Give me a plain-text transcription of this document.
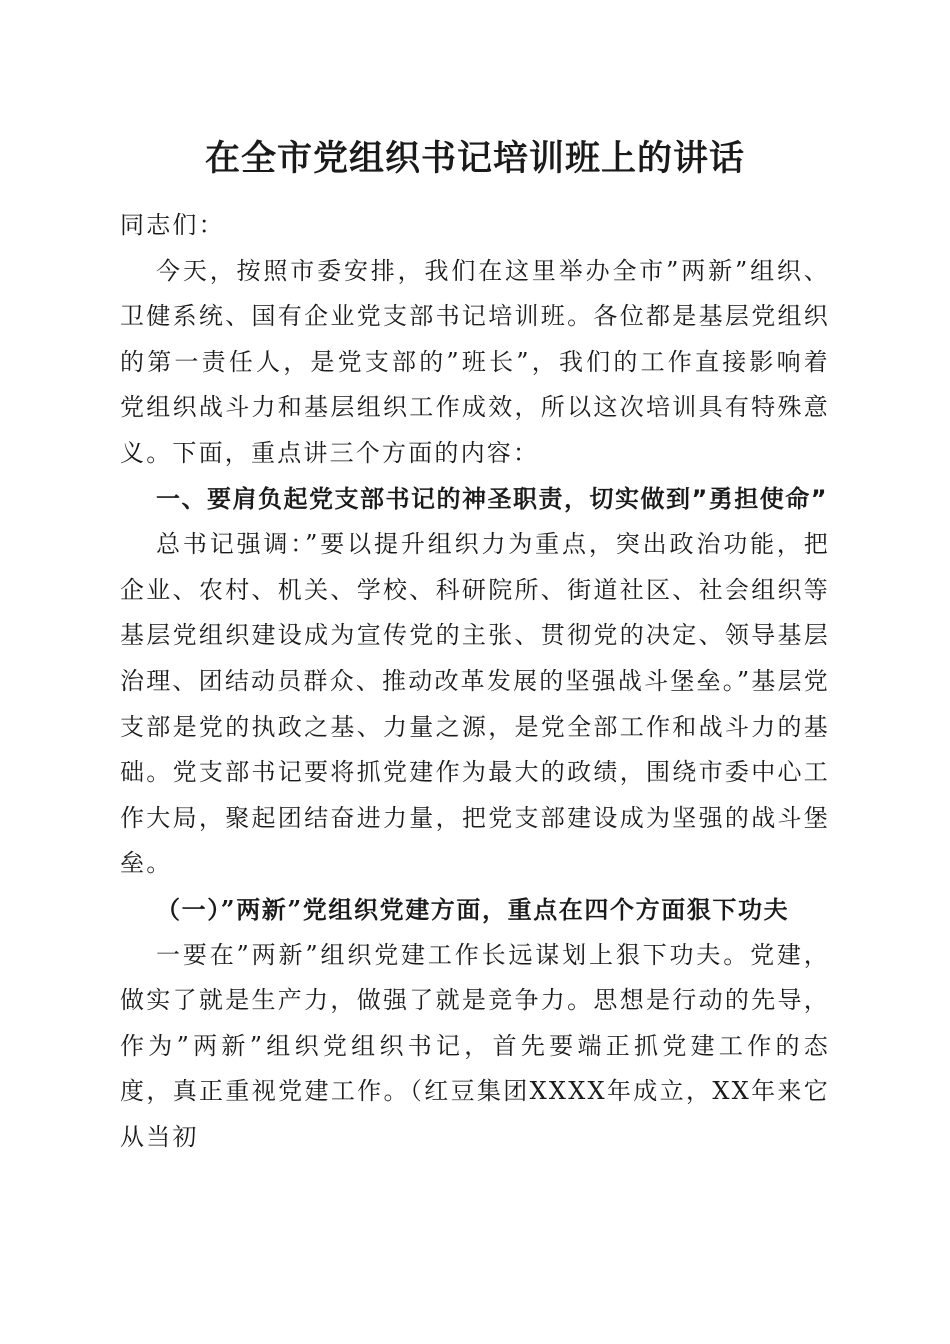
在全市党组织书记培训班上的讲话

同志们：

今天，按照市委安排，我们在这里举办全市”两新”组织、卫健系统、国有企业党支部书记培训班。各位都是基层党组织的第一责任人，是党支部的”班长”，我们的工作直接影响着党组织战斗力和基层组织工作成效，所以这次培训具有特殊意义。下面，重点讲三个方面的内容：

一、要肩负起党支部书记的神圣职责，切实做到”勇担使命”

总书记强调：”要以提升组织力为重点，突出政治功能，把企业、农村、机关、学校、科研院所、街道社区、社会组织等基层党组织建设成为宣传党的主张、贯彻党的决定、领导基层治理、团结动员群众、推动改革发展的坚强战斗堡垒。”基层党支部是党的执政之基、力量之源，是党全部工作和战斗力的基础。党支部书记要将抓党建作为最大的政绩，围绕市委中心工作大局，聚起团结奋进力量，把党支部建设成为坚强的战斗堡垒。

（一）”两新”党组织党建方面，重点在四个方面狠下功夫

一要在”两新”组织党建工作长远谋划上狠下功夫。党建，做实了就是生产力，做强了就是竞争力。思想是行动的先导，作为”两新”组织党组织书记，首先要端正抓党建工作的态度，真正重视党建工作。（红豆集团XXXX年成立，XX年来它从当初
